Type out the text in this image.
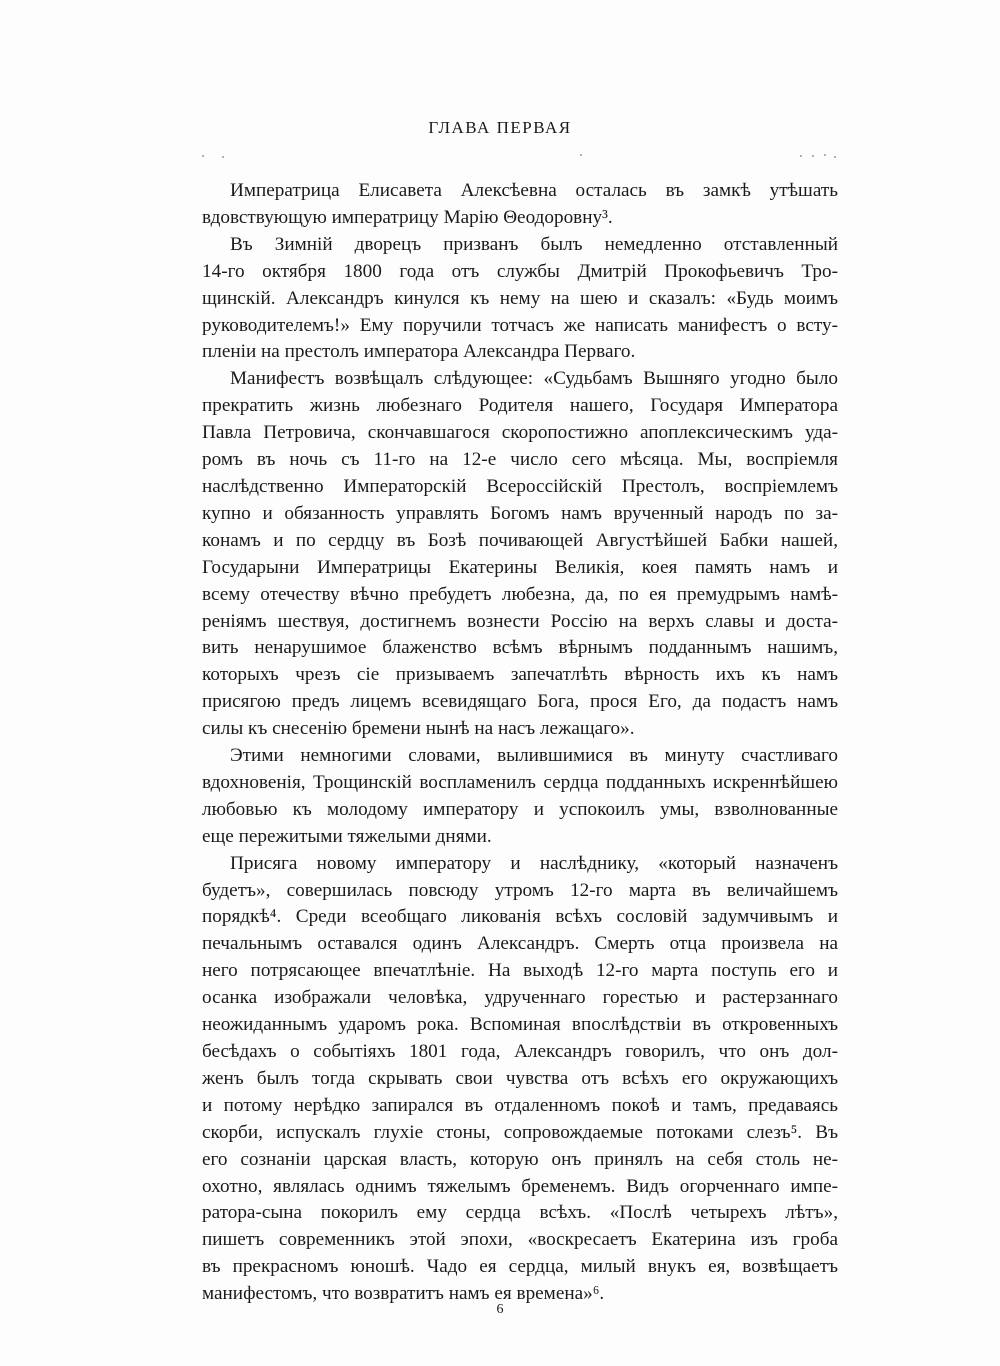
ГЛАВА ПЕРВАЯ
Императрица Елисавета Алексѣевна осталась въ замкѣ утѣшать
вдовствующую императрицу Марію Θеодоровну³.
Въ Зимній дворецъ призванъ былъ немедленно отставленный
14-го октября 1800 года отъ службы Дмитрій Прокофьевичъ Тро-
щинскій. Александръ кинулся къ нему на шею и сказалъ: «Будь моимъ
руководителемъ!» Ему поручили тотчасъ же написать манифестъ о всту-
пленіи на престолъ императора Александра Перваго.
Манифестъ возвѣщалъ слѣдующее: «Судьбамъ Вышняго угодно было
прекратить жизнь любезнаго Родителя нашего, Государя Императора
Павла Петровича, скончавшагося скоропостижно апоплексическимъ уда-
ромъ въ ночь съ 11-го на 12-е число сего мѣсяца. Мы, воспріемля
наслѣдственно Императорскій Всероссійскій Престолъ, воспріемлемъ
купно и обязанность управлять Богомъ намъ врученный народъ по за-
конамъ и по сердцу въ Бозѣ почивающей Августѣйшей Бабки нашей,
Государыни Императрицы Екатерины Великія, коея память намъ и
всему отечеству вѣчно пребудетъ любезна, да, по ея премудрымъ намѣ-
реніямъ шествуя, достигнемъ вознести Россію на верхъ славы и доста-
вить ненарушимое блаженство всѣмъ вѣрнымъ подданнымъ нашимъ,
которыхъ чрезъ сіе призываемъ запечатлѣть вѣрность ихъ къ намъ
присягою предъ лицемъ всевидящаго Бога, прося Его, да подастъ намъ
силы къ снесенію бремени нынѣ на насъ лежащаго».
Этими немногими словами, вылившимися въ минуту счастливаго
вдохновенія, Трощинскій воспламенилъ сердца подданныхъ искреннѣйшею
любовью къ молодому императору и успокоилъ умы, взволнованные
еще пережитыми тяжелыми днями.
Присяга новому императору и наслѣднику, «который назначенъ
будетъ», совершилась повсюду утромъ 12-го марта въ величайшемъ
порядкѣ⁴. Среди всеобщаго ликованія всѣхъ сословій задумчивымъ и
печальнымъ оставался одинъ Александръ. Смерть отца произвела на
него потрясающее впечатлѣніе. На выходѣ 12-го марта поступь его и
осанка изображали человѣка, удрученнаго горестью и растерзаннаго
неожиданнымъ ударомъ рока. Вспоминая впослѣдствіи въ откровенныхъ
бесѣдахъ о событіяхъ 1801 года, Александръ говорилъ, что онъ дол-
женъ былъ тогда скрывать свои чувства отъ всѣхъ его окружающихъ
и потому нерѣдко запирался въ отдаленномъ покоѣ и тамъ, предаваясь
скорби, испускалъ глухіе стоны, сопровождаемые потоками слезъ⁵. Въ
его сознаніи царская власть, которую онъ принялъ на себя столь не-
охотно, являлась однимъ тяжелымъ бременемъ. Видъ огорченнаго импе-
ратора-сына покорилъ ему сердца всѣхъ. «Послѣ четырехъ лѣтъ»,
пишетъ современникъ этой эпохи, «воскресаетъ Екатерина изъ гроба
въ прекрасномъ юношѣ. Чадо ея сердца, милый внукъ ея, возвѣщаетъ
манифестомъ, что возвратитъ намъ ея времена»⁶.
6
